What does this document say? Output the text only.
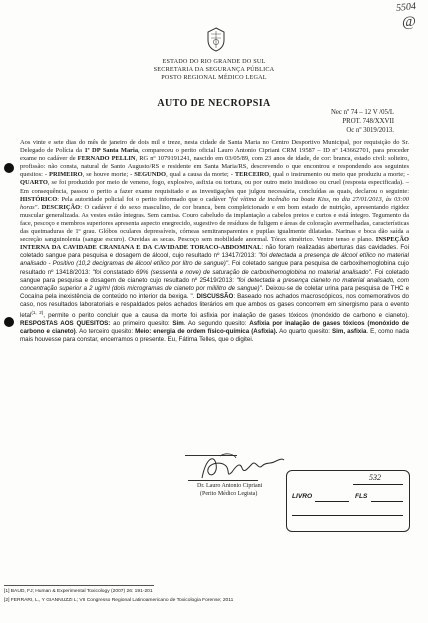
5504
@
ESTADO DO RIO GRANDE DO SUL
SECRETARIA DA SEGURANÇA PÚBLICA
POSTO REGIONAL MÉDICO LEGAL
AUTO DE NECROPSIA
Nec nº 74 – 12 V /05/L
PROT. 748/XXVII
Oc nº 3019/2013.

Aos vinte e sete dias do mês de janeiro de dois mil e treze, nesta cidade de Santa Maria no Centro Desportivo Municipal, por requisição do Sr. Delegado de Polícia da 1ª DP Santa Maria, compareceu o perito oficial Lauro Antonio Cipriani CRM 19587 – ID nº 143662701, para proceder exame no cadáver de FERNADO PELLIN, RG nº 1079191241, nascido em 03/05/89, com 23 anos de idade, de cor: branca, estado civil: solteiro, profissão: não consta, natural de Santo Augusto/RS e residente em Santa Maria/RS, descrevendo o que encontrou e respondendo aos seguintes quesitos: - PRIMEIRO, se houve morte; - SEGUNDO, qual a causa da morte; - TERCEIRO, qual o instrumento ou meio que produziu a morte; - QUARTO, se foi produzido por meio de veneno, fogo, explosivo, asfixia ou tortura, ou por outro meio insidioso ou cruel (resposta especificada). – Em consequência, passou o perito a fazer exame requisitado e as investigações que julgou necessária, concluídas as quais, declarou o seguinte: HISTÓRICO: Pela autoridade policial foi o perito informado que o cadáver "foi vítima de incêndio na boate Kiss, no dia 27/01/2013, às 03:00 horas". DESCRIÇÃO: O cadáver é do sexo masculino, de cor branca, bem compleicionado e em bom estado de nutrição, apresentando rigidez muscular generalizada. As vestes estão íntegras. Sem camisa. Couro cabeludo da implantação a cabelos pretos e curtos e está íntegro. Tegumento da face, pescoço e membros superiores apresenta aspecto enegrecido, sugestivo de resíduos de fuligem e áreas de coloração avermelhadas, características das queimaduras de 1º grau. Glóbos oculares depressíveis, córneas semitransparentes e pupilas igualmente dilatadas. Narinas e boca dão saída a secreção sanguinolenta (sangue escuro). Ouvidas as secas. Pescoço sem mobilidade anormal. Tórax simétrico. Ventre tenso e plano. INSPEÇÃO INTERNA DA CAVIDADE CRANIANA E DA CAVIDADE TORACO-ABDOMINAL: não foram realizadas aberturas das cavidades. Foi coletado sangue para pesquisa e dosagem de álcool, cujo resultado nº 13417/2013: "foi detectada a presença de álcool etílico no material analisado - Positivo (10,2 decigramas de álcool etílico por litro de sangue)". Foi coletado sangue para pesquisa de carboxihemoglobina cujo resultado nº 13418/2013: "foi constatado 69% (sessenta e nove) de saturação de carboxihemoglobina no material analisado". Foi coletado sangue para pesquisa e dosagem de cianeto cujo resultado nº 25419/2013: "foi detectada a presença cianeto no material analisado, com concentração superior a 2 ug/ml (dois microgramas de cianeto por mililitro de sangue)". Deixou-se de coletar urina para pesquisa de THC e Cocaína pela inexistência de conteúdo no interior da bexiga. ". DISCUSSÃO: Baseado nos achados macroscópicos, nos comemorativos do caso, nos resultados laboratoriais e respaldados pelos achados literários em que ambos os gases concorrem em sinergismo para o evento letal$^{(1, 2)}$, permite o perito concluir que a causa da morte foi asfixia por inalação de gases tóxicos (monóxido de carbono e cianeto). RESPOSTAS AOS QUESITOS: ao primeiro quesito: Sim. Ao segundo quesito: Asfixia por inalação de gases tóxicos (monóxido de carbono e cianeto). Ao terceiro quesito: Meio: energia de ordem físico-química (Asfixia). Ao quarto quesito: Sim, asfixia. E, como nada mais houvesse para constar, encerramos o presente. Eu, Fátima Telles, que o digitei.

Dr. Lauro Antonio Cipriani
(Perito Médico Legista)
532
LIVRO	FLS
[1] BAUD, FJ; Human & Experimental Toxicology (2007) 26: 191-201
[2] FERRARI, L., Y GIANNUZZI L; VII Congresso Regional Latinoamericano de Toxicologia Forense; 2011
